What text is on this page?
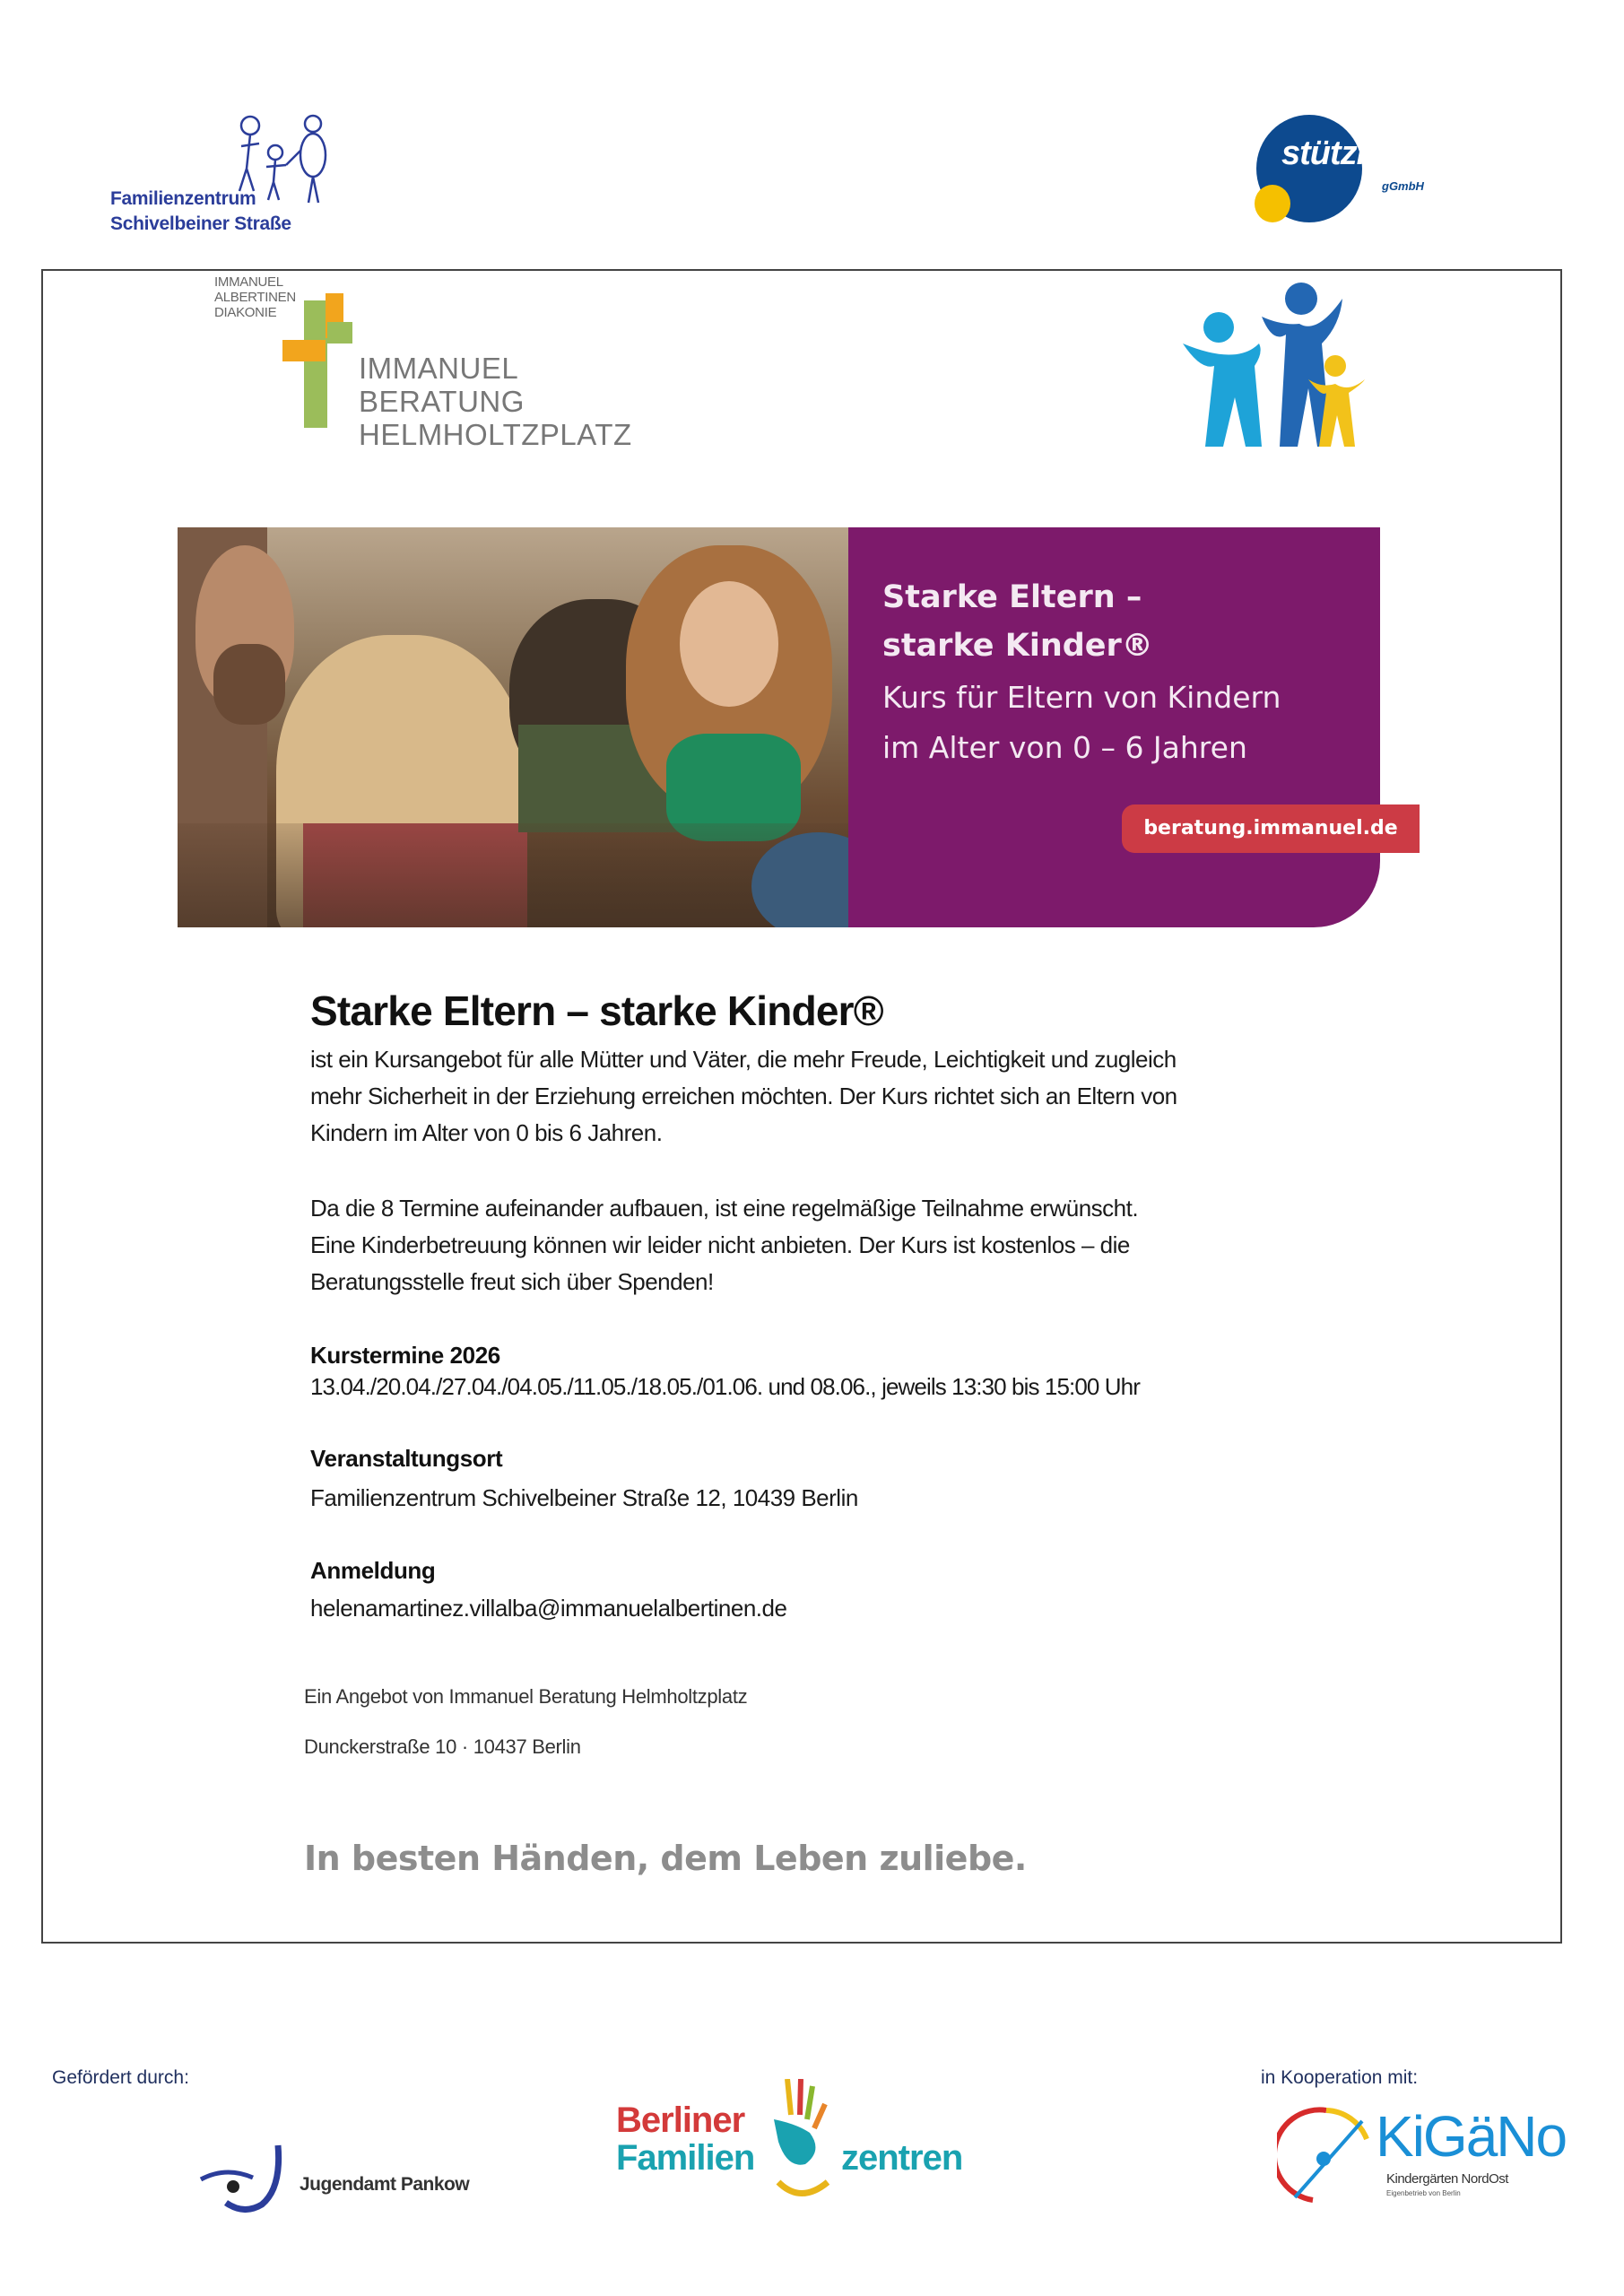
Familienzentrum
Schivelbeiner Straße
stützrad
gGmbH
IMMANUEL
ALBERTINEN
DIAKONIE
IMMANUEL
BERATUNG
HELMHOLTZPLATZ
Starke Eltern –
starke Kinder®
Kurs für Eltern von Kindern
im Alter von 0 – 6 Jahren
beratung.immanuel.de
Starke Eltern – starke Kinder®
ist ein Kursangebot für alle Mütter und Väter, die mehr Freude, Leichtigkeit und zugleich
mehr Sicherheit in der Erziehung erreichen möchten. Der Kurs richtet sich an Eltern von
Kindern im Alter von 0 bis 6 Jahren.
Da die 8 Termine aufeinander aufbauen, ist eine regelmäßige Teilnahme erwünscht.
Eine Kinderbetreuung können wir leider nicht anbieten. Der Kurs ist kostenlos – die
Beratungsstelle freut sich über Spenden!
Kurstermine 2026
13.04./20.04./27.04./04.05./11.05./18.05./01.06. und 08.06., jeweils 13:30 bis 15:00 Uhr
Veranstaltungsort
Familienzentrum Schivelbeiner Straße 12, 10439 Berlin
Anmeldung
helenamartinez.villalba@immanuelalbertinen.de
Ein Angebot von Immanuel Beratung Helmholtzplatz
Dunckerstraße 10 · 10437 Berlin
In besten Händen, dem Leben zuliebe.
Gefördert durch:	in Kooperation mit:
Jugendamt Pankow
Berliner
Familien zentren	KiGäNo
Kindergärten NordOst
Eigenbetrieb von Berlin
